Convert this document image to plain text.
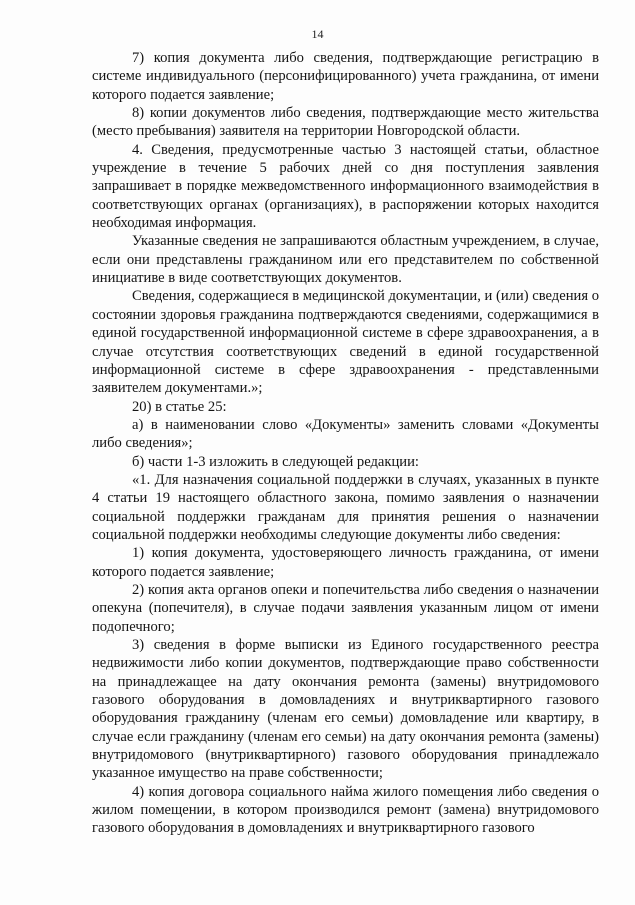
14

7) копия документа либо сведения, подтверждающие регистрацию в системе индивидуального (персонифицированного) учета гражданина, от имени которого подается заявление;

8) копии документов либо сведения, подтверждающие место жительства (место пребывания) заявителя на территории Новгородской области.

4. Сведения, предусмотренные частью 3 настоящей статьи, областное учреждение в течение 5 рабочих дней со дня поступления заявления запрашивает в порядке межведомственного информационного взаимодействия в соответствующих органах (организациях), в распоряжении которых находится необходимая информация.

Указанные сведения не запрашиваются областным учреждением, в случае, если они представлены гражданином или его представителем по собственной инициативе в виде соответствующих документов.

Сведения, содержащиеся в медицинской документации, и (или) сведения о состоянии здоровья гражданина подтверждаются сведениями, содержащимися в единой государственной информационной системе в сфере здравоохранения, а в случае отсутствия соответствующих сведений в единой государственной информационной системе в сфере здравоохранения - представленными заявителем документами.»;

20) в статье 25:

а) в наименовании слово «Документы» заменить словами «Документы либо сведения»;

б) части 1-3 изложить в следующей редакции:

«1. Для назначения социальной поддержки в случаях, указанных в пункте 4 статьи 19 настоящего областного закона, помимо заявления о назначении социальной поддержки гражданам для принятия решения о назначении социальной поддержки необходимы следующие документы либо сведения:

1) копия документа, удостоверяющего личность гражданина, от имени которого подается заявление;

2) копия акта органов опеки и попечительства либо сведения о назначении опекуна (попечителя), в случае подачи заявления указанным лицом от имени подопечного;

3) сведения в форме выписки из Единого государственного реестра недвижимости либо копии документов, подтверждающие право собственности на принадлежащее на дату окончания ремонта (замены) внутридомового газового оборудования в домовладениях и внутриквартирного газового оборудования гражданину (членам его семьи) домовладение или квартиру, в случае если гражданину (членам его семьи) на дату окончания ремонта (замены) внутридомового (внутриквартирного) газового оборудования принадлежало указанное имущество на праве собственности;

4) копия договора социального найма жилого помещения либо сведения о жилом помещении, в котором производился ремонт (замена) внутридомового газового оборудования в домовладениях и внутриквартирного газового
